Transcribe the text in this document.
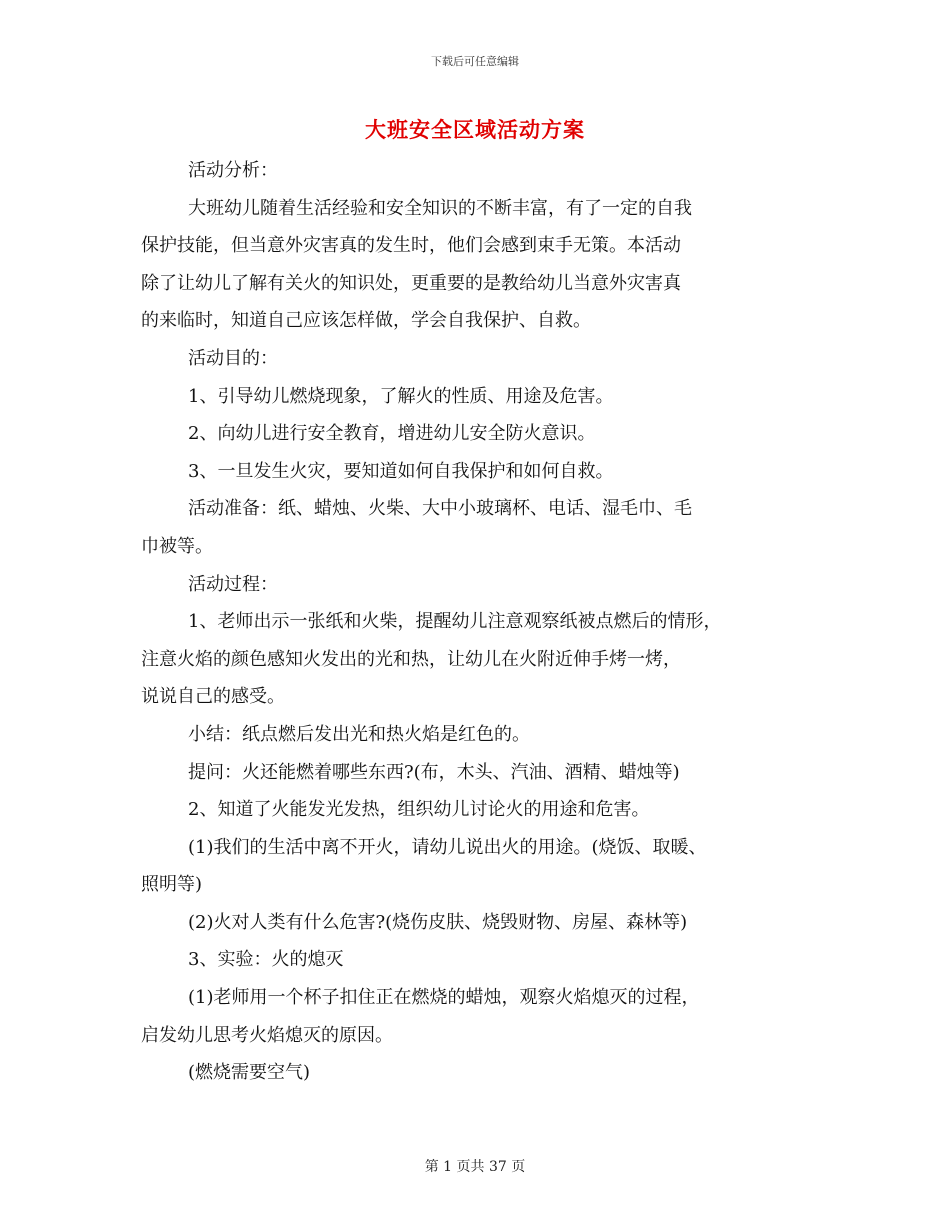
下载后可任意编辑
大班安全区域活动方案

活动分析：

大班幼儿随着生活经验和安全知识的不断丰富，有了一定的自我

保护技能，但当意外灾害真的发生时，他们会感到束手无策。本活动

除了让幼儿了解有关火的知识处，更重要的是教给幼儿当意外灾害真

的来临时，知道自己应该怎样做，学会自我保护、自救。

活动目的：

1、引导幼儿燃烧现象，了解火的性质、用途及危害。

2、向幼儿进行安全教育，增进幼儿安全防火意识。

3、一旦发生火灾，要知道如何自我保护和如何自救。

活动准备：纸、蜡烛、火柴、大中小玻璃杯、电话、湿毛巾、毛

巾被等。

活动过程：

1、老师出示一张纸和火柴，提醒幼儿注意观察纸被点燃后的情形，

注意火焰的颜色感知火发出的光和热，让幼儿在火附近伸手烤一烤，

说说自己的感受。

小结：纸点燃后发出光和热火焰是红色的。

提问：火还能燃着哪些东西?(布，木头、汽油、酒精、蜡烛等)

2、知道了火能发光发热，组织幼儿讨论火的用途和危害。

(1)我们的生活中离不开火，请幼儿说出火的用途。(烧饭、取暖、

照明等)

(2)火对人类有什么危害?(烧伤皮肤、烧毁财物、房屋、森林等)

3、实验：火的熄灭

(1)老师用一个杯子扣住正在燃烧的蜡烛，观察火焰熄灭的过程，

启发幼儿思考火焰熄灭的原因。

(燃烧需要空气)

第 1 页共 37 页
